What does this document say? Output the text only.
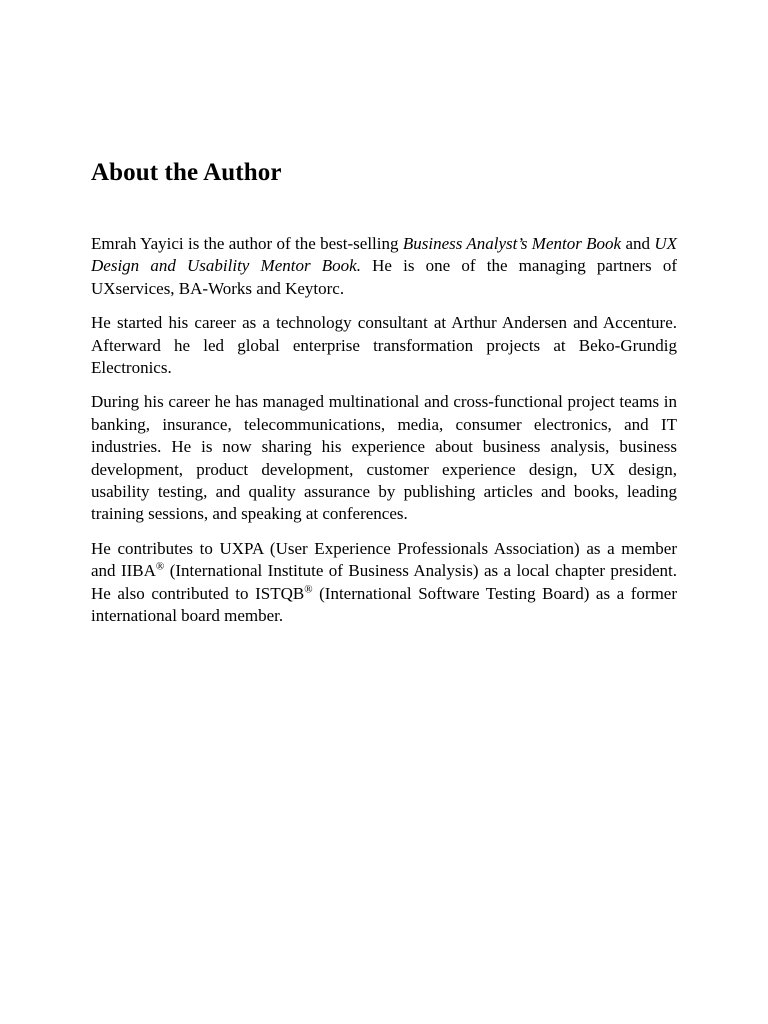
About the Author

Emrah Yayici is the author of the best-selling Business Analyst’s Mentor Book and UX Design and Usability Mentor Book. He is one of the managing partners of UXservices, BA-Works and Keytorc.

He started his career as a technology consultant at Arthur Andersen and Accenture. Afterward he led global enterprise transformation projects at Beko-Grundig Electronics.

During his career he has managed multinational and cross-functional project teams in banking, insurance, telecommunications, media, consumer electronics, and IT industries. He is now sharing his experience about business analysis, business development, product development, customer experience design, UX design, usability testing, and quality assurance by publishing articles and books, leading training sessions, and speaking at conferences.

He contributes to UXPA (User Experience Professionals Association) as a member and IIBA® (International Institute of Business Analysis) as a local chapter president. He also contributed to ISTQB® (International Software Testing Board) as a former international board member.
